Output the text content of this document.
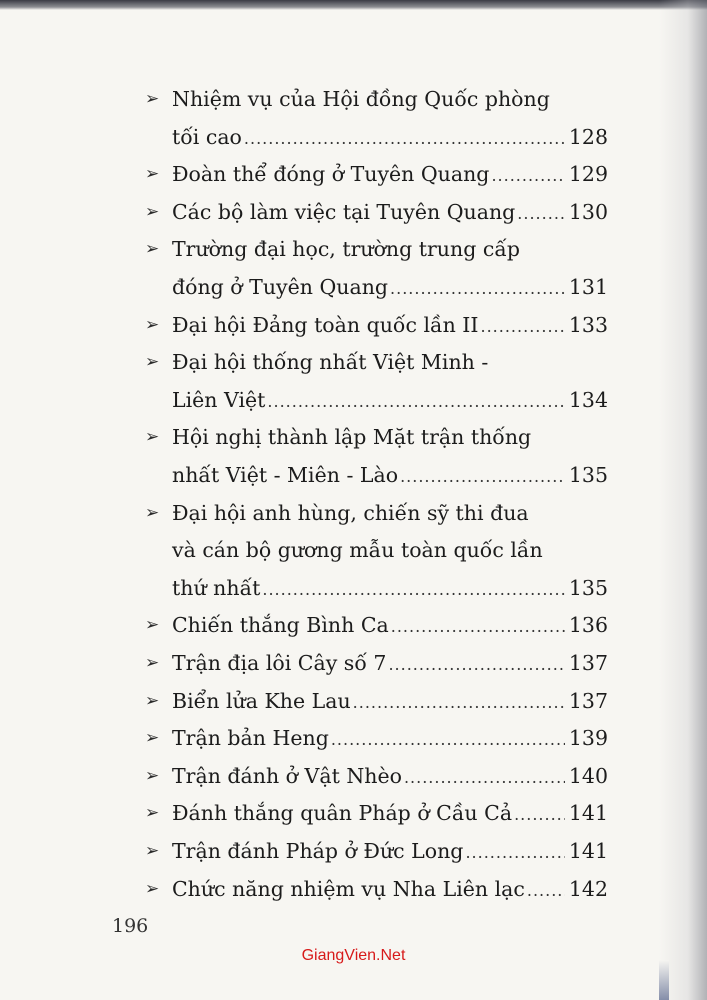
➢ Nhiệm vụ của Hội đồng Quốc phòng
tối cao .....	128
➢ Đoàn thể đóng ở Tuyên Quang .....	129
➢ Các bộ làm việc tại Tuyên Quang .....	130
➢ Trường đại học, trường trung cấp
đóng ở Tuyên Quang .....	131
➢ Đại hội Đảng toàn quốc lần II .....	133
➢ Đại hội thống nhất Việt Minh -
Liên Việt .....	134
➢ Hội nghị thành lập Mặt trận thống
nhất Việt - Miên - Lào .....	135
➢ Đại hội anh hùng, chiến sỹ thi đua
và cán bộ gương mẫu toàn quốc lần
thứ nhất .....	135
➢ Chiến thắng Bình Ca .....	136
➢ Trận địa lôi Cây số 7 .....	137
➢ Biển lửa Khe Lau .....	137
➢ Trận bản Heng .....	139
➢ Trận đánh ở Vật Nhèo .....	140
➢ Đánh thắng quân Pháp ở Cầu Cả .....	141
➢ Trận đánh Pháp ở Đức Long .....	141
➢ Chức năng nhiệm vụ Nha Liên lạc ..... 142
196
GiangVien.Net
